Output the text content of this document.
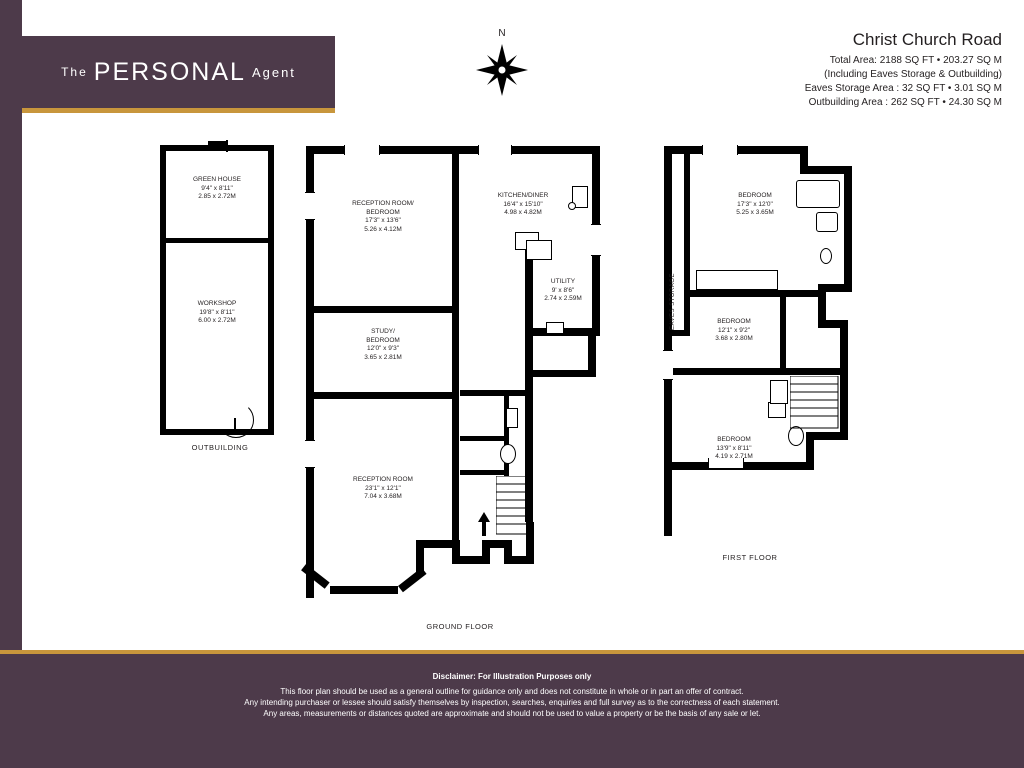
The PERSONAL Agent
Christ Church Road
Total Area: 2188 SQ FT • 203.27 SQ M
(Including Eaves Storage & Outbuilding)
Eaves Storage Area : 32 SQ FT • 3.01 SQ M
Outbuilding Area : 262 SQ FT • 24.30 SQ M
N
GREEN HOUSE
9'4" x 8'11"
2.85 x 2.72M
WORKSHOP
19'8" x 8'11"
6.00 x 2.72M
OUTBUILDING
RECEPTION ROOM/
BEDROOM
17'3" x 13'6"
5.26 x 4.12M
KITCHEN/DINER
16'4" x 15'10"
4.98 x 4.82M
UTILITY
9' x 8'6"
2.74 x 2.59M
STUDY/
BEDROOM
12'0" x 9'3"
3.65 x 2.81M
RECEPTION ROOM
23'1" x 12'1"
7.04 x 3.68M
GROUND FLOOR
EAVES STORAGE
BEDROOM
17'3" x 12'0"
5.25 x 3.65M
BEDROOM
12'1" x 9'2"
3.68 x 2.80M
BEDROOM
13'9" x 8'11"
4.19 x 2.71M
FIRST FLOOR
Disclaimer: For Illustration Purposes only
This floor plan should be used as a general outline for guidance only and does not constitute in whole or in part an offer of contract.
Any intending purchaser or lessee should satisfy themselves by inspection, searches, enquiries and full survey as to the correctness of each statement.
Any areas, measurements or distances quoted are approximate and should not be used to value a property or be the basis of any sale or let.
